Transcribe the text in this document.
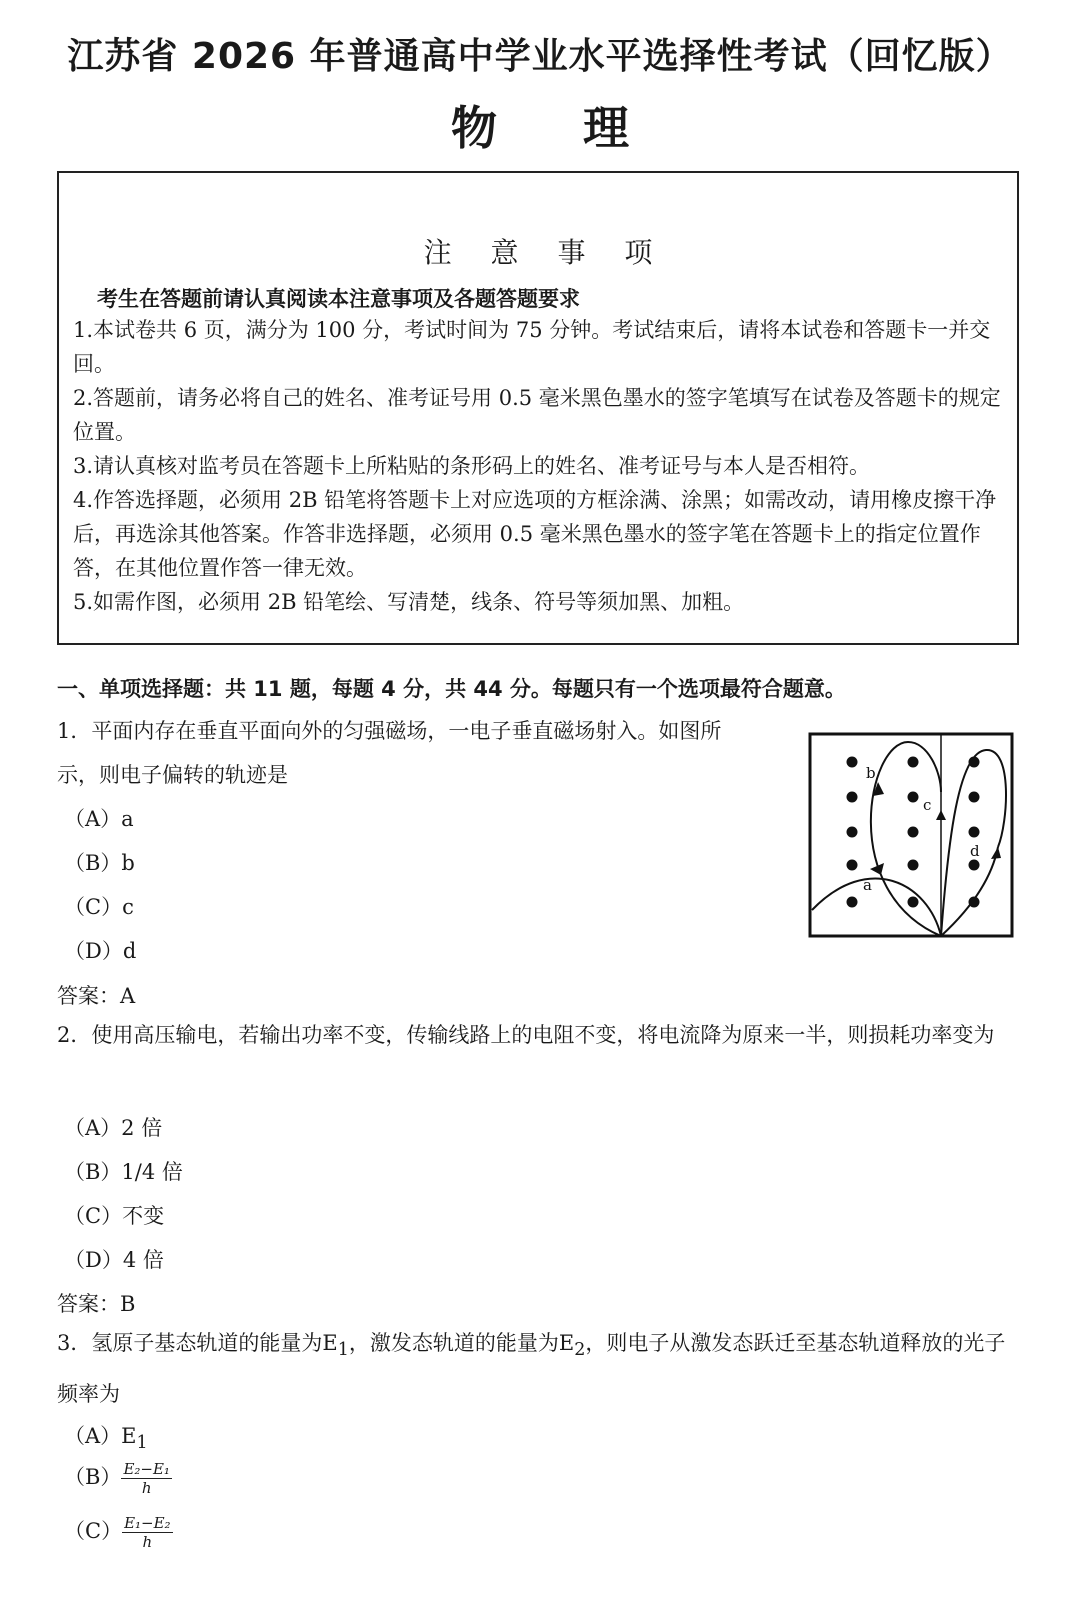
江苏省 2026 年普通高中学业水平选择性考试（回忆版）
物 理
注 意 事 项
考生在答题前请认真阅读本注意事项及各题答题要求
1.本试卷共 6 页，满分为 100 分，考试时间为 75 分钟。考试结束后，请将本试卷和答题卡一并交回。
2.答题前，请务必将自己的姓名、准考证号用 0.5 毫米黑色墨水的签字笔填写在试卷及答题卡的规定位置。
3.请认真核对监考员在答题卡上所粘贴的条形码上的姓名、准考证号与本人是否相符。
4.作答选择题，必须用 2B 铅笔将答题卡上对应选项的方框涂满、涂黑；如需改动，请用橡皮擦干净后，再选涂其他答案。作答非选择题，必须用 0.5 毫米黑色墨水的签字笔在答题卡上的指定位置作答，在其他位置作答一律无效。
5.如需作图，必须用 2B 铅笔绘、写清楚，线条、符号等须加黑、加粗。
一、单项选择题：共 11 题，每题 4 分，共 44 分。每题只有一个选项最符合题意。
1．平面内存在垂直平面向外的匀强磁场，一电子垂直磁场射入。如图所
示，则电子偏转的轨迹是
（A）a
（B）b
（C）c
（D）d
答案：A
a
b
c
d
2．使用高压输电，若输出功率不变，传输线路上的电阻不变，将电流降为原来一半，则损耗功率变为
（A）2 倍
（B）1/4 倍
（C）不变
（D）4 倍
答案：B
3．氢原子基态轨道的能量为$E_1$，激发态轨道的能量为$E_2$，则电子从激发态跃迁至基态轨道释放的光子频率为
$(A)E_1$
$(B) \frac{\text{E₂−E₁}}{h}$
$(C) \frac{\text{E₁−E₂}}{h}$
